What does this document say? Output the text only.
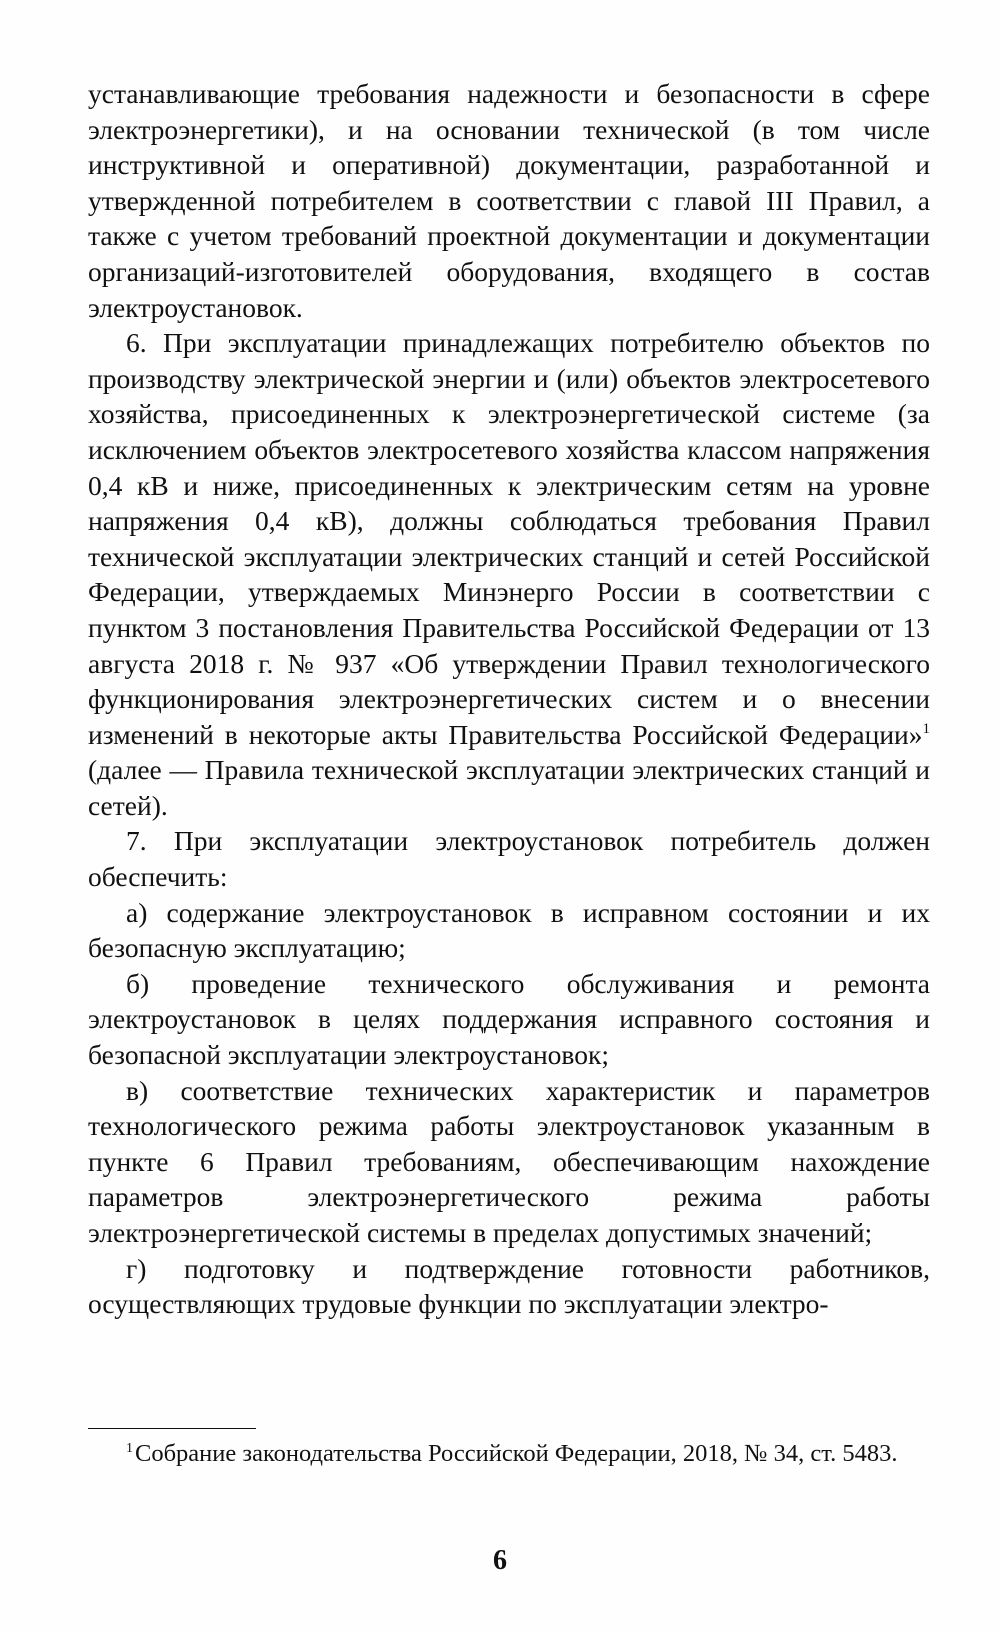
устанавливающие требования надежности и безопасности в сфере электроэнергетики), и на основании технической (в том числе инструктивной и оперативной) документации, разработанной и утвержденной потребителем в соответствии с главой III Правил, а также с учетом требований проектной документации и документации организаций-изготовителей оборудования, входящего в состав электроустановок.

6. При эксплуатации принадлежащих потребителю объектов по производству электрической энергии и (или) объектов электросетевого хозяйства, присоединенных к электроэнергетической системе (за исключением объектов электросетевого хозяйства классом напряжения 0,4 кВ и ниже, присоединенных к электрическим сетям на уровне напряжения 0,4 кВ), должны соблюдаться требования Правил технической эксплуатации электрических станций и сетей Российской Федерации, утверждаемых Минэнерго России в соответствии с пунктом 3 постановления Правительства Российской Федерации от 13 августа 2018 г. № 937 «Об утверждении Правил технологического функционирования электроэнергетических систем и о внесении изменений в некоторые акты Правительства Российской Федерации»$^1$ (далее — Правила технической эксплуатации электрических станций и сетей).

7. При эксплуатации электроустановок потребитель должен обеспечить:

а) содержание электроустановок в исправном состоянии и их безопасную эксплуатацию;

б) проведение технического обслуживания и ремонта электроустановок в целях поддержания исправного состояния и безопасной эксплуатации электроустановок;

в) соответствие технических характеристик и параметров технологического режима работы электроустановок указанным в пункте 6 Правил требованиям, обеспечивающим нахождение параметров электроэнергетического режима работы электроэнергетической системы в пределах допустимых значений;

г) подготовку и подтверждение готовности работников, осуществляющих трудовые функции по эксплуатации электро-

$^1$Собрание законодательства Российской Федерации, 2018, № 34, ст. 5483.

6
